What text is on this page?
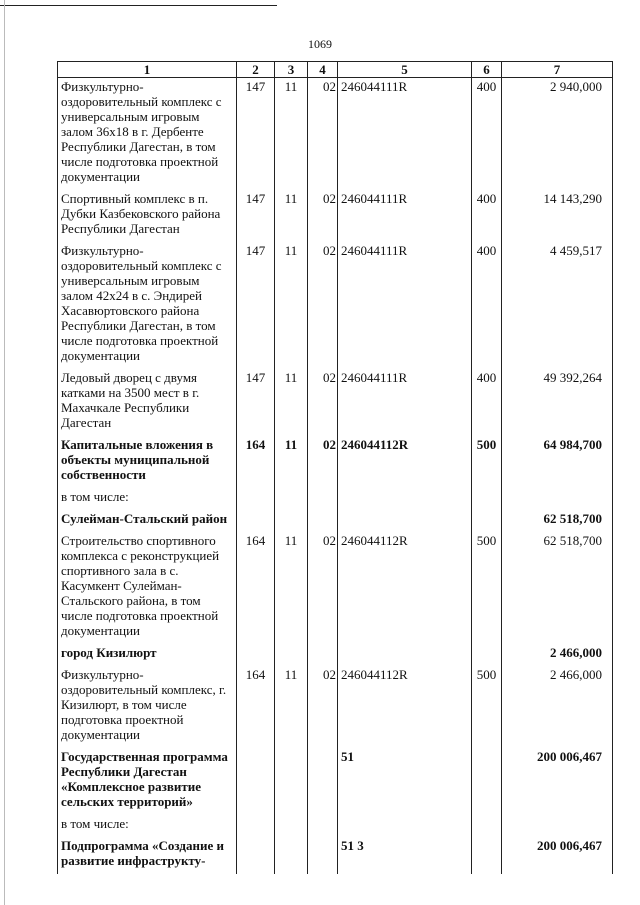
1069
1	2	3	4	5	6	7
Физкультурно-оздоровительный комплекс с универсальным игровым залом 36х18 в г. Дербенте Республики Дагестан, в том числе подготовка проектной документации	147	11	02	246044111R	400	2 940,000
Спортивный комплекс в п. Дубки Казбековского района Республики Дагестан	147	11	02	246044111R	400	14 143,290
Физкультурно-оздоровительный комплекс с универсальным игровым залом 42х24 в с. Эндирей Хасавюртовского района Республики Дагестан, в том числе подготовка проектной документации	147	11	02	246044111R	400	4 459,517
Ледовый дворец с двумя катками на 3500 мест в г. Махачкале Республики Дагестан	147	11	02	246044111R	400	49 392,264
Капитальные вложения в объекты муниципальной собственности	164	11	02	246044112R	500	64 984,700
в том числе:						
Сулейман-Стальский район						62 518,700
Строительство спортивного комплекса с реконструкцией спортивного зала в с. Касумкент Сулейман-Стальского района, в том числе подготовка проектной документации	164	11	02	246044112R	500	62 518,700
город Кизилюрт						2 466,000
Физкультурно-оздоровительный комплекс, г. Кизилюрт, в том числе подготовка проектной документации	164	11	02	246044112R	500	2 466,000
Государственная программа Республики Дагестан «Комплексное развитие сельских территорий»				51		200 006,467
в том числе:						
Подпрограмма «Создание и развитие инфраструкту-				51 3		200 006,467
